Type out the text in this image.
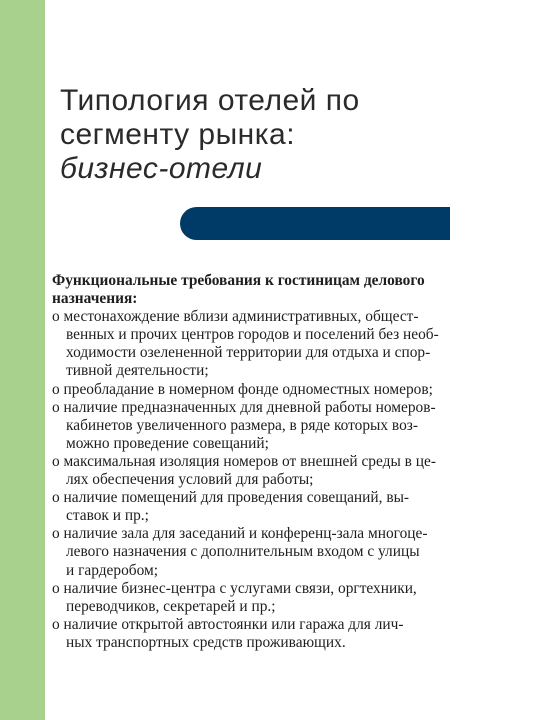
Типология отелей по
сегменту рынка:
бизнес-отели
Функциональные требования к гостиницам делового
назначения:
о местонахождение вблизи административных, общест-
венных и прочих центров городов и поселений без необ-
ходимости озелененной территории для отдыха и спор-
тивной деятельности;
о преобладание в номерном фонде одноместных номеров;
о наличие предназначенных для дневной работы номеров-
кабинетов увеличенного размера, в ряде которых воз-
можно проведение совещаний;
о максимальная изоляция номеров от внешней среды в це-
лях обеспечения условий для работы;
о наличие помещений для проведения совещаний, вы-
ставок и пр.;
о наличие зала для заседаний и конференц-зала многоце-
левого назначения с дополнительным входом с улицы
и гардеробом;
о наличие бизнес-центра с услугами связи, оргтехники,
переводчиков, секретарей и пр.;
о наличие открытой автостоянки или гаража для лич-
ных транспортных средств проживающих.
